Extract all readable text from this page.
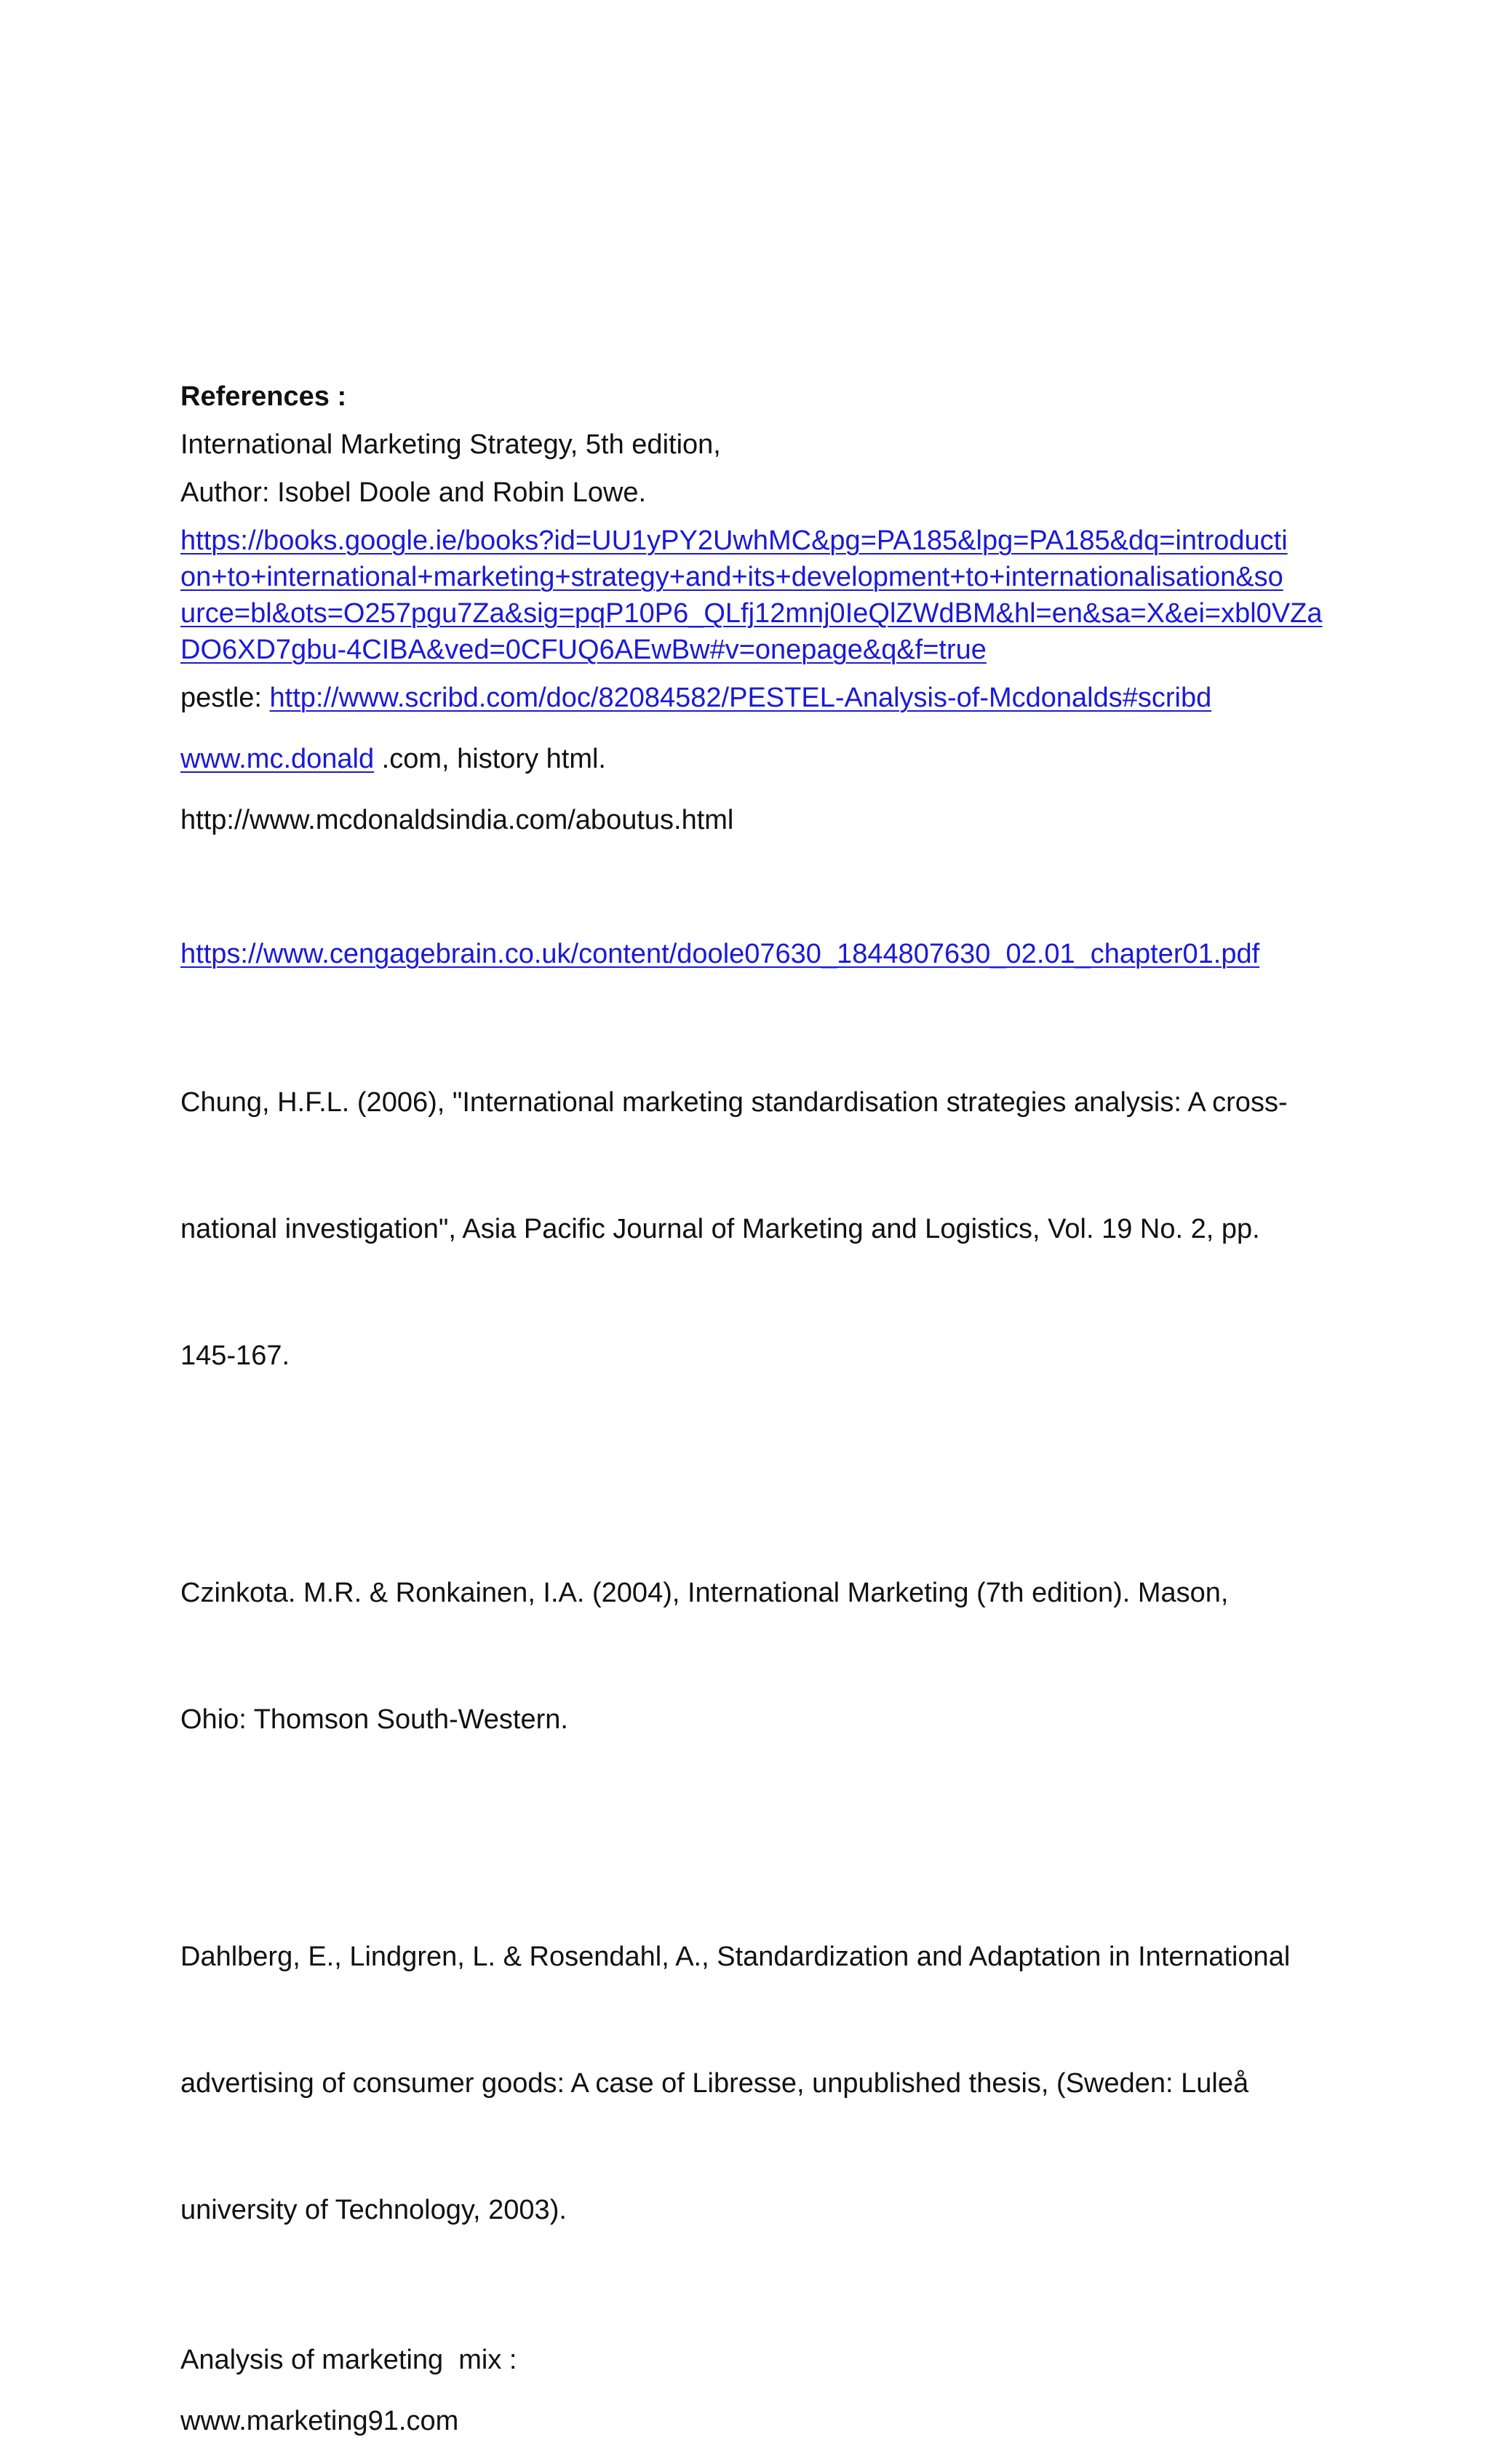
References :
International Marketing Strategy, 5th edition,
Author: Isobel Doole and Robin Lowe.
https://books.google.ie/books?id=UU1yPY2UwhMC&pg=PA185&lpg=PA185&dq=introducti
on+to+international+marketing+strategy+and+its+development+to+internationalisation&so
urce=bl&ots=O257pgu7Za&sig=pqP10P6_QLfj12mnj0IeQlZWdBM&hl=en&sa=X&ei=xbl0VZa
DO6XD7gbu-4CIBA&ved=0CFUQ6AEwBw#v=onepage&q&f=true
pestle: http://www.scribd.com/doc/82084582/PESTEL-Analysis-of-Mcdonalds#scribd
www.mc.donald .com, history html.
http://www.mcdonaldsindia.com/aboutus.html
https://www.cengagebrain.co.uk/content/doole07630_1844807630_02.01_chapter01.pdf

Chung, H.F.L. (2006), "International marketing standardisation strategies analysis: A cross-

national investigation", Asia Pacific Journal of Marketing and Logistics, Vol. 19 No. 2, pp.

145-167.

Czinkota. M.R. & Ronkainen, I.A. (2004), International Marketing (7th edition). Mason,

Ohio: Thomson South-Western.

Dahlberg, E., Lindgren, L. & Rosendahl, A., Standardization and Adaptation in International

advertising of consumer goods: A case of Libresse, unpublished thesis, (Sweden: Luleå

university of Technology, 2003).

Analysis of marketing  mix :
www.marketing91.com
